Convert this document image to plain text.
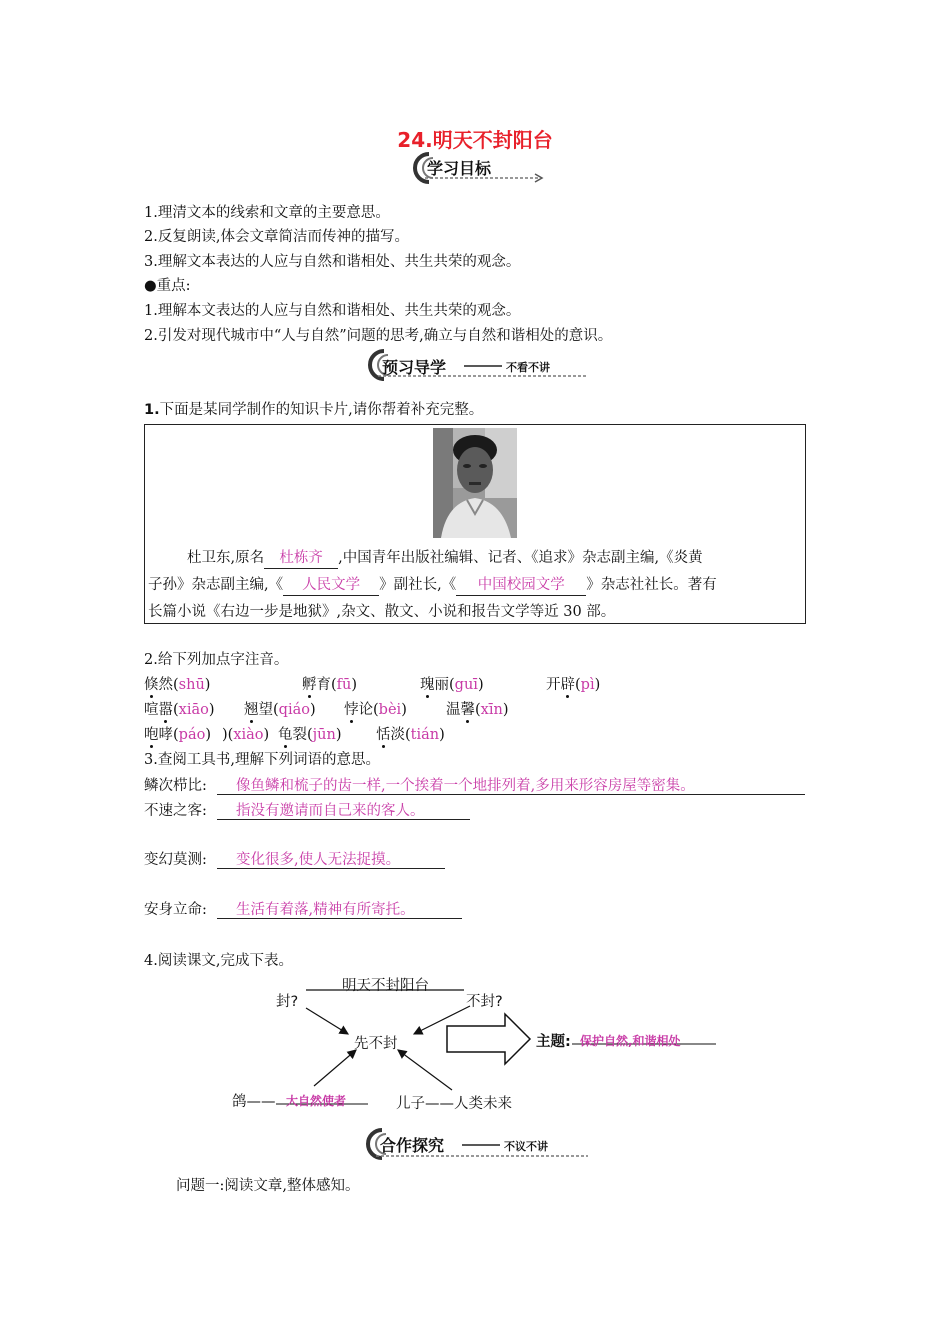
24.明天不封阳台
学习目标
1.理清文本的线索和文章的主要意思。
2.反复朗读,体会文章简洁而传神的描写。
3.理解文本表达的人应与自然和谐相处、共生共荣的观念。
●重点:
1.理解本文表达的人应与自然和谐相处、共生共荣的观念。
2.引发对现代城市中“人与自然”问题的思考,确立与自然和谐相处的意识。
预习导学	不看不讲
1.下面是某同学制作的知识卡片,请你帮着补充完整。
杜卫东,原名 杜栋齐 ,中国青年出版社编辑、记者、《追求》杂志副主编,《炎黄
子孙》杂志副主编,《 人民文学 》副社长,《 中国校园文学 》杂志社社长。著有
长篇小说《右边一步是地狱》,杂文、散文、小说和报告文学等近 30 部。
2.给下列加点字注音。
倏然(shū)	孵育(fū)	瑰丽(guī)	开辟(pì)
喧嚣(xiāo) 翘望(qiáo) 悖论(bèi)	温馨(xīn)
咆哮(páo) )(xiào) 龟裂(jūn) 恬淡(tián)
3.查阅工具书,理解下列词语的意思。
鳞次栉比: 像鱼鳞和梳子的齿一样,一个挨着一个地排列着,多用来形容房屋等密集。
不速之客: 指没有邀请而自己来的客人。
变幻莫测: 变化很多,使人无法捉摸。
安身立命: 生活有着落,精神有所寄托。
4.阅读课文,完成下表。
明天不封阳台
封?	不封?
先不封	主题: 保护自然,和谐相处
鸽—— 大自然使者	儿子——人类未来
合作探究	不议不讲
问题一:阅读文章,整体感知。
